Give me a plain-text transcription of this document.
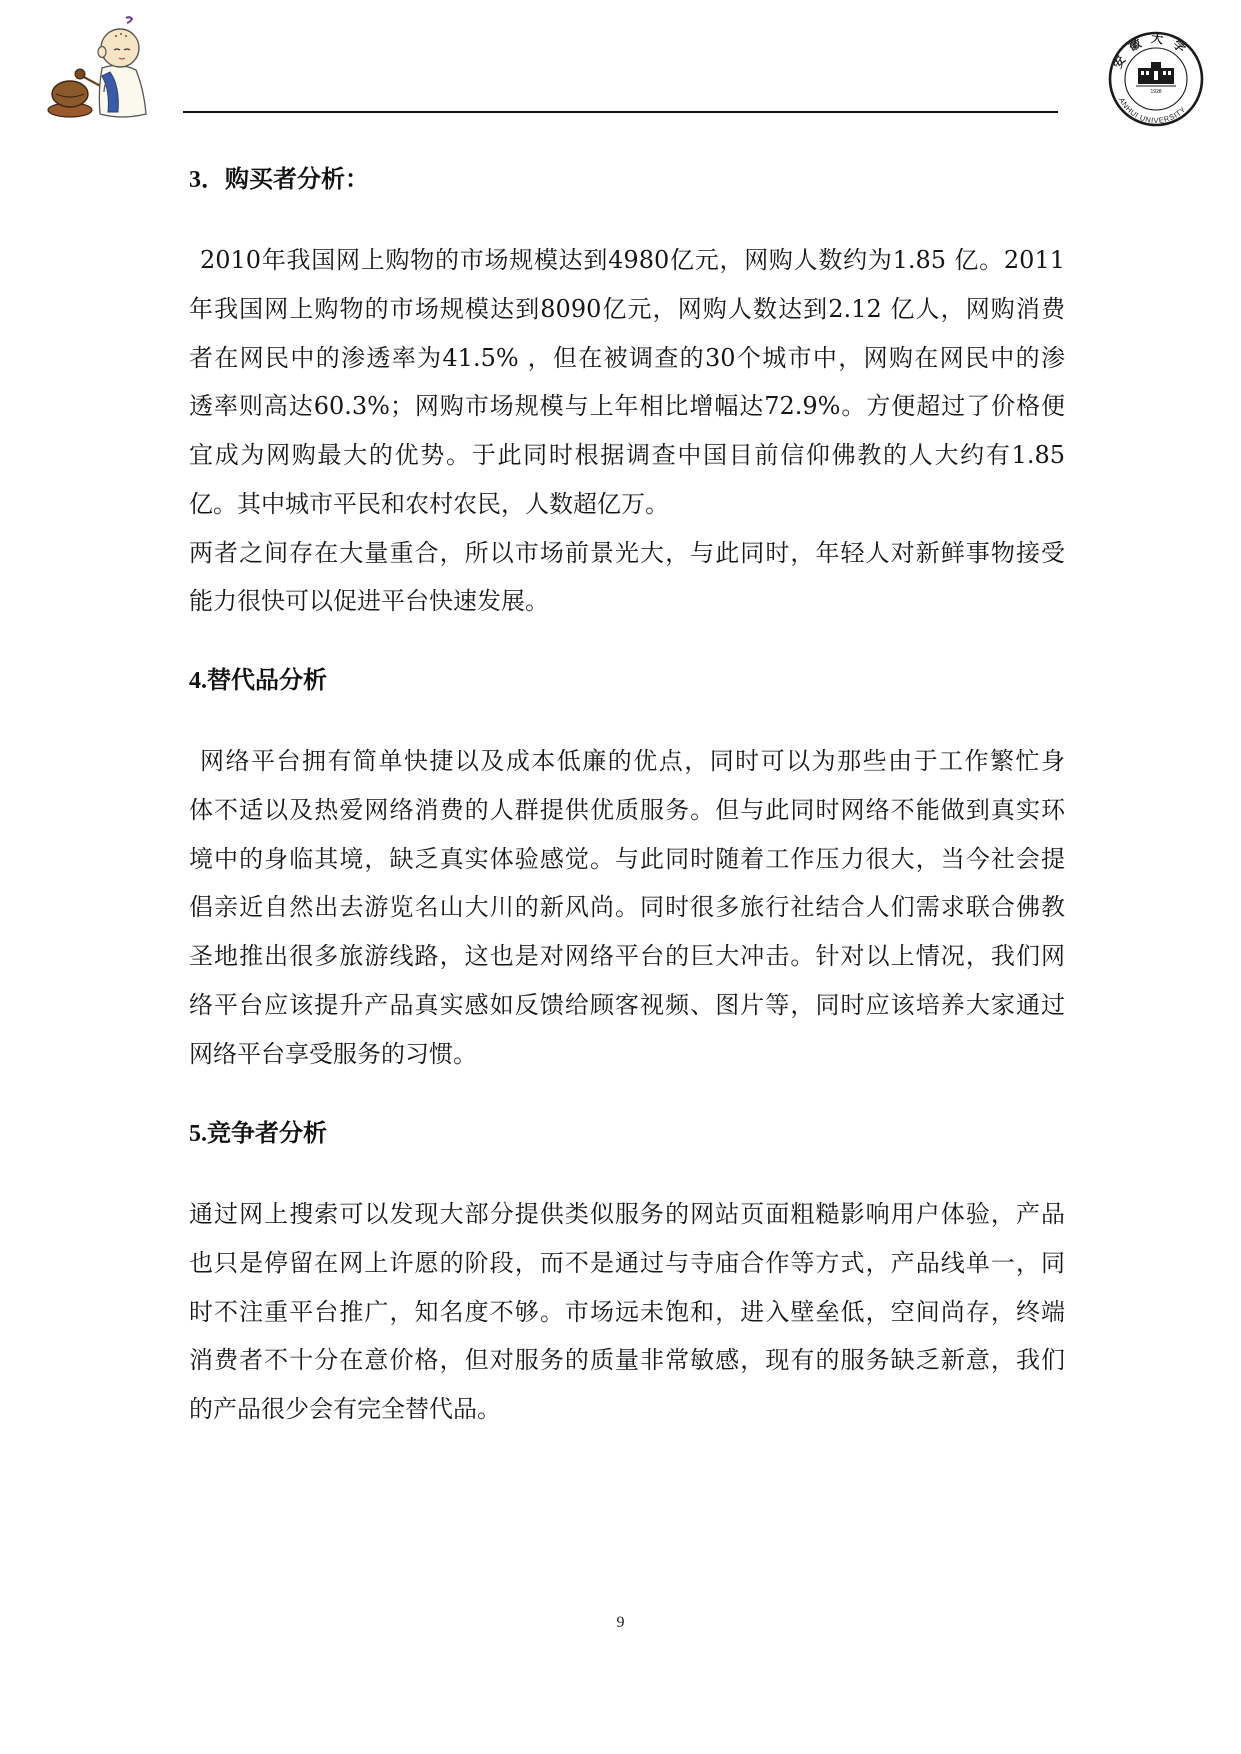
安徽大学
ANHUI UNIVERSITY
1928
3．购买者分析：
2010年我国网上购物的市场规模达到4980亿元，网购人数约为1.85 亿。2011
年我国网上购物的市场规模达到8090亿元，网购人数达到2.12 亿人，网购消费
者在网民中的渗透率为41.5% ，但在被调查的30个城市中，网购在网民中的渗
透率则高达60.3%；网购市场规模与上年相比增幅达72.9%。方便超过了价格便
宜成为网购最大的优势。于此同时根据调查中国目前信仰佛教的人大约有1.85
亿。其中城市平民和农村农民，人数超亿万。
两者之间存在大量重合，所以市场前景光大，与此同时，年轻人对新鲜事物接受
能力很快可以促进平台快速发展。
4.替代品分析
网络平台拥有简单快捷以及成本低廉的优点，同时可以为那些由于工作繁忙身
体不适以及热爱网络消费的人群提供优质服务。但与此同时网络不能做到真实环
境中的身临其境，缺乏真实体验感觉。与此同时随着工作压力很大，当今社会提
倡亲近自然出去游览名山大川的新风尚。同时很多旅行社结合人们需求联合佛教
圣地推出很多旅游线路，这也是对网络平台的巨大冲击。针对以上情况，我们网
络平台应该提升产品真实感如反馈给顾客视频、图片等，同时应该培养大家通过
网络平台享受服务的习惯。
5.竞争者分析
通过网上搜索可以发现大部分提供类似服务的网站页面粗糙影响用户体验，产品
也只是停留在网上许愿的阶段，而不是通过与寺庙合作等方式，产品线单一，同
时不注重平台推广，知名度不够。市场远未饱和，进入壁垒低，空间尚存，终端
消费者不十分在意价格，但对服务的质量非常敏感，现有的服务缺乏新意，我们
的产品很少会有完全替代品。
9
